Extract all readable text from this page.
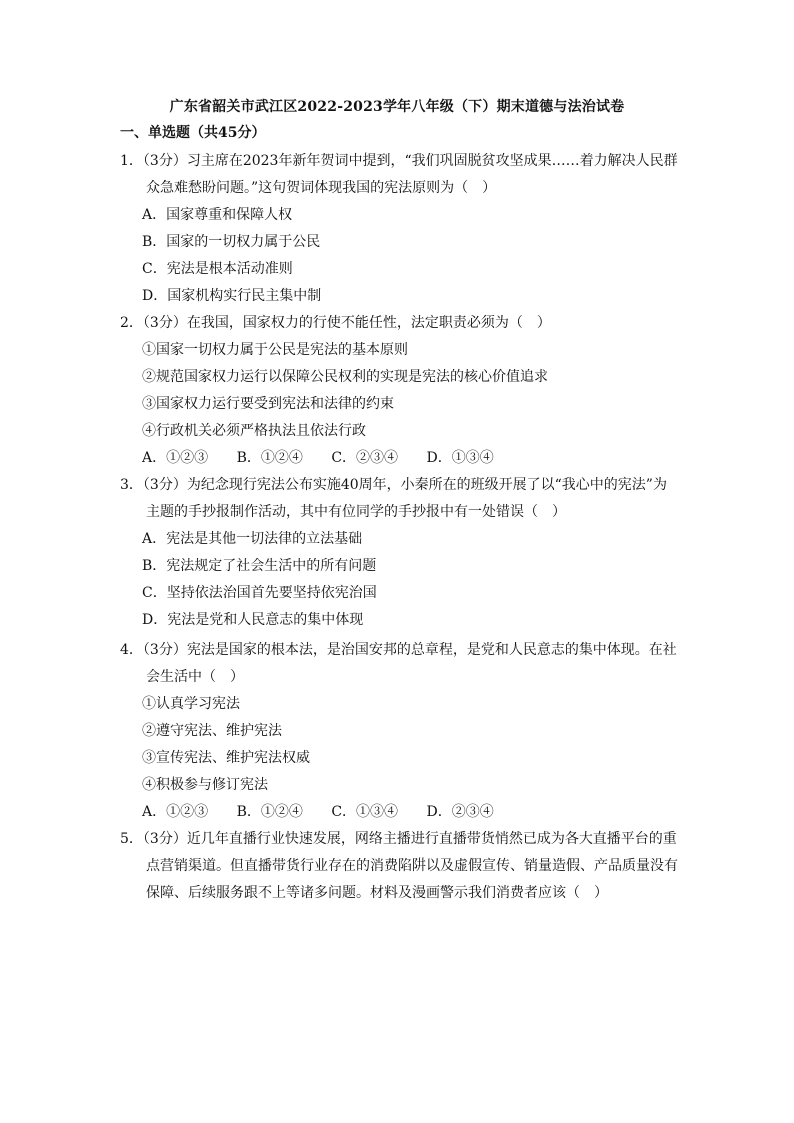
广东省韶关市武江区2022-2023学年八年级（下）期末道德与法治试卷
一、单选题（共45分）

1．（3分）习主席在2023年新年贺词中提到，“我们巩固脱贫攻坚成果……着力解决人民群众急难愁盼问题。”这句贺词体现我国的宪法原则为（　）

A．国家尊重和保障人权

B．国家的一切权力属于公民

C．宪法是根本活动准则

D．国家机构实行民主集中制

2．（3分）在我国，国家权力的行使不能任性，法定职责必须为（　）

①国家一切权力属于公民是宪法的基本原则

②规范国家权力运行以保障公民权利的实现是宪法的核心价值追求

③国家权力运行要受到宪法和法律的约束

④行政机关必须严格执法且依法行政

A．①②③ B．①②④ C．②③④ D．①③④

3．（3分）为纪念现行宪法公布实施40周年，小秦所在的班级开展了以“我心中的宪法”为主题的手抄报制作活动，其中有位同学的手抄报中有一处错误（　）

A．宪法是其他一切法律的立法基础

B．宪法规定了社会生活中的所有问题

C．坚持依法治国首先要坚持依宪治国

D．宪法是党和人民意志的集中体现

4．（3分）宪法是国家的根本法，是治国安邦的总章程，是党和人民意志的集中体现。在社会生活中（　）

①认真学习宪法

②遵守宪法、维护宪法

③宣传宪法、维护宪法权威

④积极参与修订宪法

A．①②③ B．①②④ C．①③④ D．②③④

5．（3分）近几年直播行业快速发展，网络主播进行直播带货悄然已成为各大直播平台的重点营销渠道。但直播带货行业存在的消费陷阱以及虚假宣传、销量造假、产品质量没有保障、后续服务跟不上等诸多问题。材料及漫画警示我们消费者应该（　）
